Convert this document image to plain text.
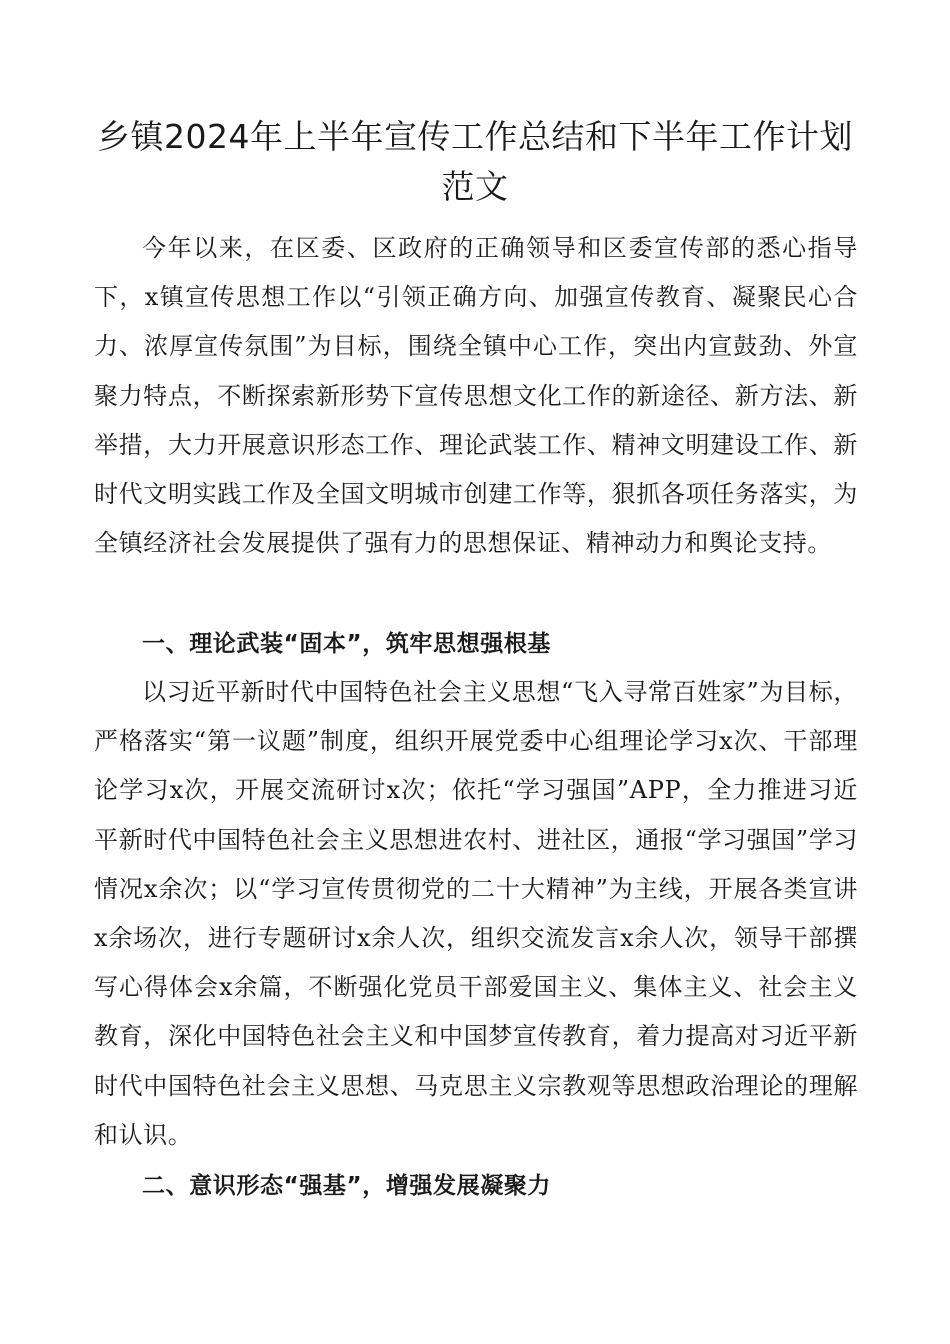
乡镇2024年上半年宣传工作总结和下半年工作计划范文

今年以来，在区委、区政府的正确领导和区委宣传部的悉心指导下，x镇宣传思想工作以“引领正确方向、加强宣传教育、凝聚民心合力、浓厚宣传氛围”为目标，围绕全镇中心工作，突出内宣鼓劲、外宣聚力特点，不断探索新形势下宣传思想文化工作的新途径、新方法、新举措，大力开展意识形态工作、理论武装工作、精神文明建设工作、新时代文明实践工作及全国文明城市创建工作等，狠抓各项任务落实，为全镇经济社会发展提供了强有力的思想保证、精神动力和舆论支持。

一、理论武装“固本”，筑牢思想强根基

以习近平新时代中国特色社会主义思想“飞入寻常百姓家”为目标，严格落实“第一议题”制度，组织开展党委中心组理论学习x次、干部理论学习x次，开展交流研讨x次；依托“学习强国”APP，全力推进习近平新时代中国特色社会主义思想进农村、进社区，通报“学习强国”学习情况x余次；以“学习宣传贯彻党的二十大精神”为主线，开展各类宣讲x余场次，进行专题研讨x余人次，组织交流发言x余人次，领导干部撰写心得体会x余篇，不断强化党员干部爱国主义、集体主义、社会主义教育，深化中国特色社会主义和中国梦宣传教育，着力提高对习近平新时代中国特色社会主义思想、马克思主义宗教观等思想政治理论的理解和认识。

二、意识形态“强基”，增强发展凝聚力
